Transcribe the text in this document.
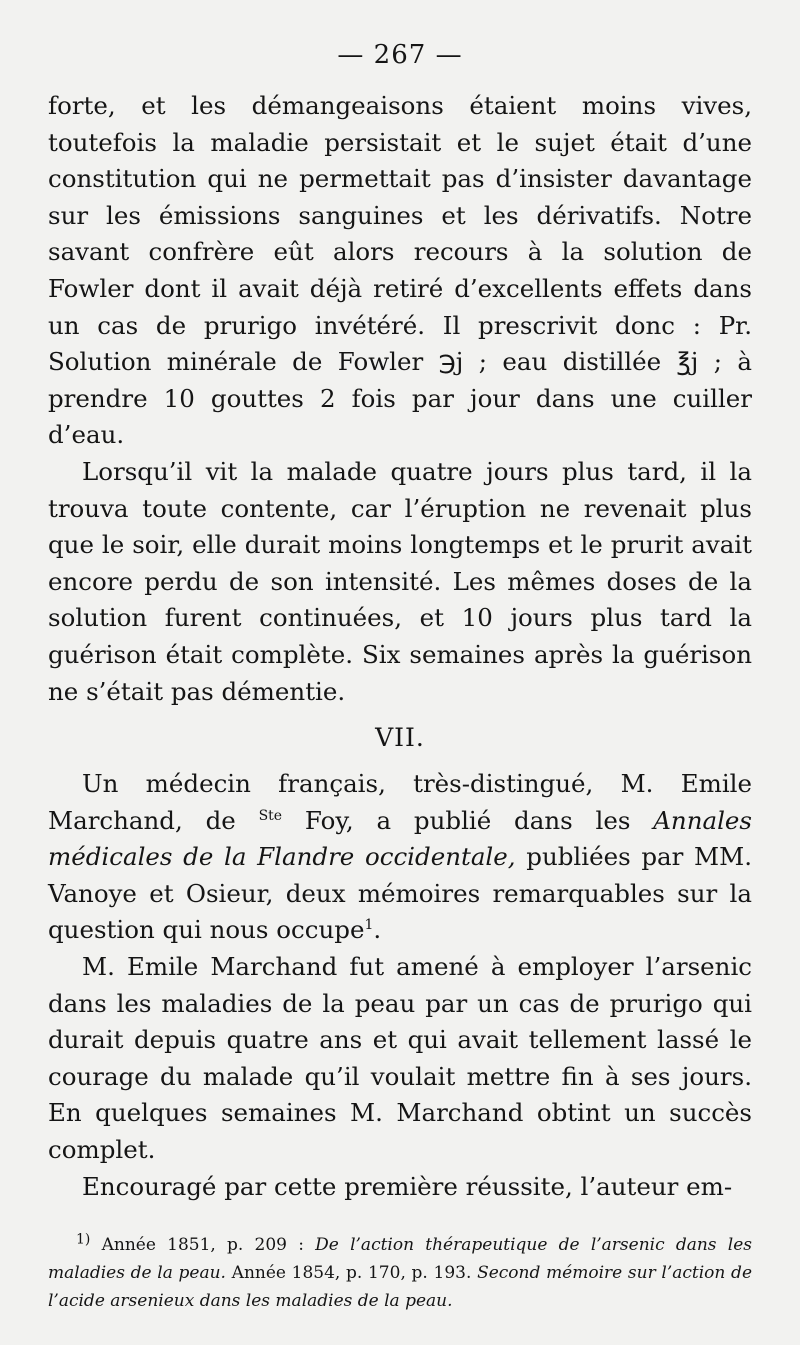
— 267 —

forte, et les démangeaisons étaient moins vives, toutefois la maladie persistait et le sujet était d’une constitution qui ne permettait pas d’insister davantage sur les émissions sanguines et les dérivatifs. Notre savant confrère eût alors recours à la solution de Fowler dont il avait déjà retiré d’excellents effets dans un cas de prurigo invétéré. Il prescrivit donc : Pr. Solution minérale de Fowler ℈j ; eau distillée ℥j ; à prendre 10 gouttes 2 fois par jour dans une cuiller d’eau.

Lorsqu’il vit la malade quatre jours plus tard, il la trouva toute contente, car l’éruption ne revenait plus que le soir, elle durait moins longtemps et le prurit avait encore perdu de son intensité. Les mêmes doses de la solution furent continuées, et 10 jours plus tard la guérison était complète. Six semaines après la guérison ne s’était pas démentie.

VII.

Un médecin français, très-distingué, M. Emile Marchand, de $^{Ste}$ Foy, a publié dans les Annales médicales de la Flandre occidentale, publiées par MM. Vanoye et Osieur, deux mémoires remarquables sur la question qui nous occupe$^1$.

M. Emile Marchand fut amené à employer l’arsenic dans les maladies de la peau par un cas de prurigo qui durait depuis quatre ans et qui avait tellement lassé le courage du malade qu’il voulait mettre fin à ses jours. En quelques semaines M. Marchand obtint un succès complet.

Encouragé par cette première réussite, l’auteur em-

$^{1)}$ Année 1851, p. 209 : De l’action thérapeutique de l’arsenic dans les maladies de la peau. Année 1854, p. 170, p. 193. Second mémoire sur l’action de l’acide arsenieux dans les maladies de la peau.
